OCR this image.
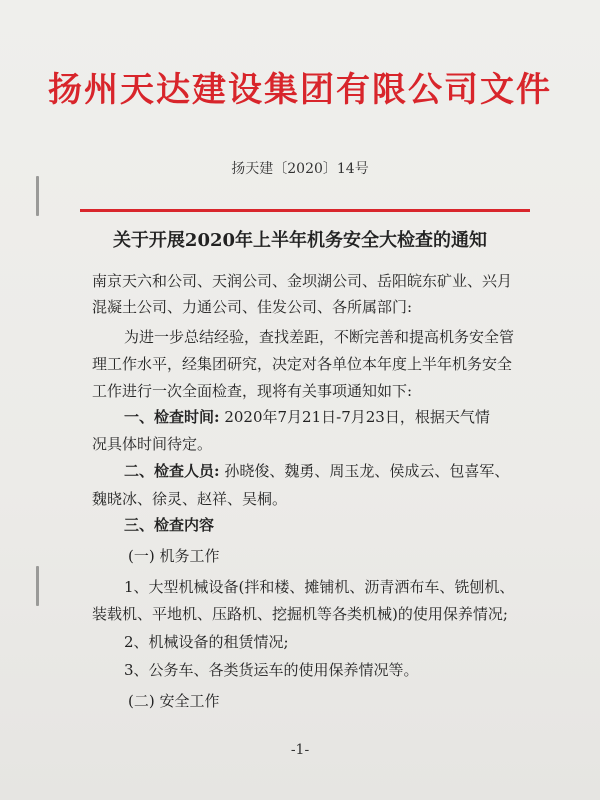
扬州天达建设集团有限公司文件
扬天建〔2020〕14号
关于开展2020年上半年机务安全大检查的通知
南京天六和公司、天润公司、金坝湖公司、岳阳皖东矿业、兴月
混凝土公司、力通公司、佳发公司、各所属部门:
为进一步总结经验，查找差距，不断完善和提高机务安全管
理工作水平，经集团研究，决定对各单位本年度上半年机务安全
工作进行一次全面检查，现将有关事项通知如下:
一、检查时间: 2020年7月21日-7月23日，根据天气情
况具体时间待定。
二、检查人员: 孙晓俊、魏勇、周玉龙、侯成云、包喜军、
魏晓冰、徐灵、赵祥、吴桐。
三、检查内容
(一) 机务工作
1、大型机械设备(拌和楼、摊铺机、沥青洒布车、铣刨机、
装载机、平地机、压路机、挖掘机等各类机械)的使用保养情况;
2、机械设备的租赁情况;
3、公务车、各类货运车的使用保养情况等。
(二) 安全工作
-1-
